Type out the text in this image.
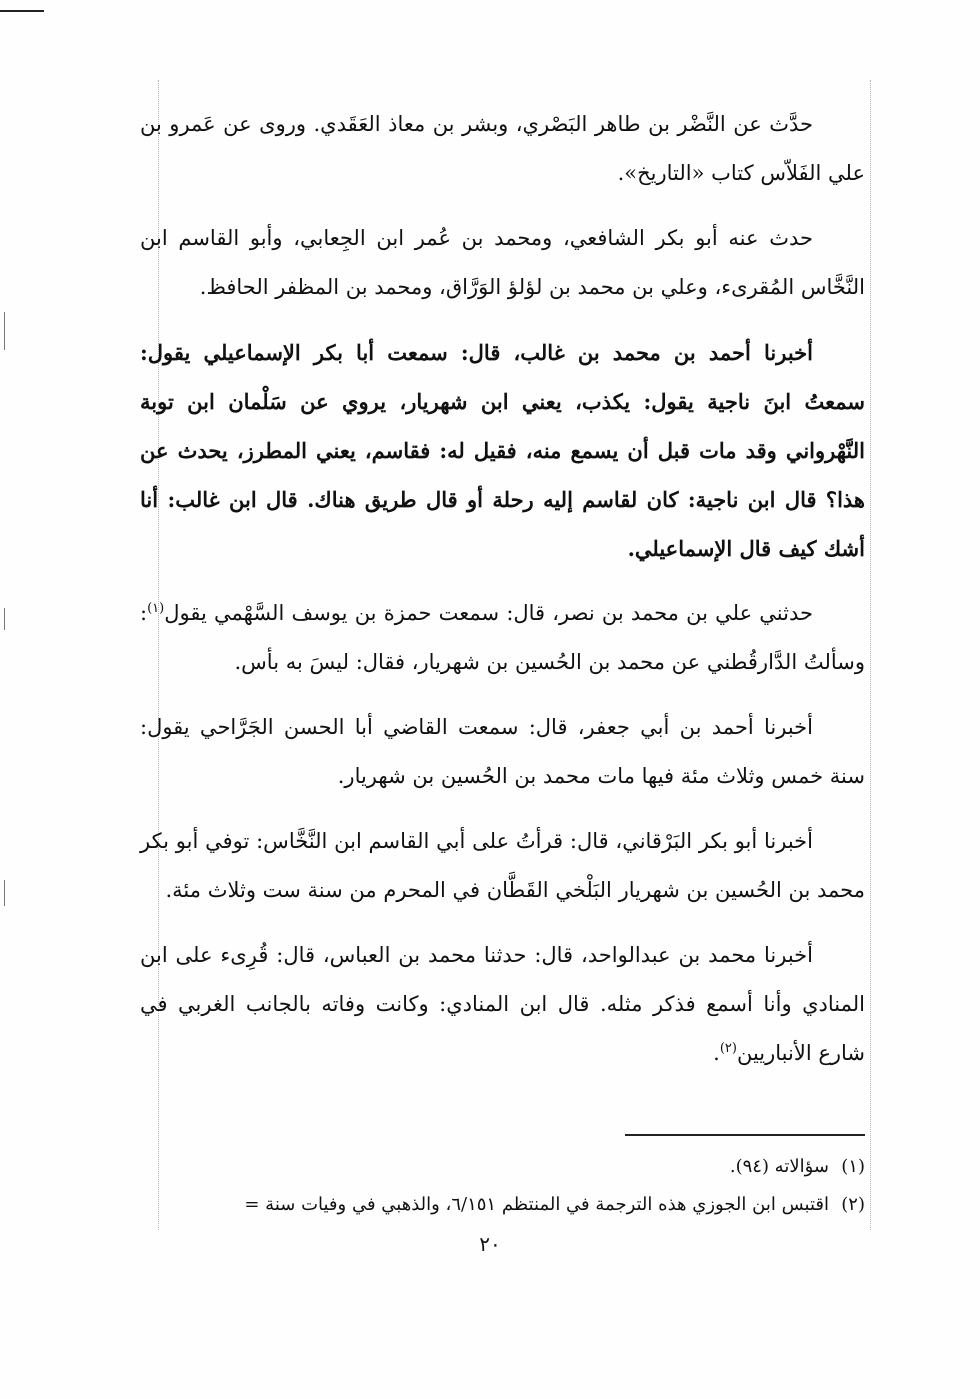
حدَّث عن النَّضْر بن طاهر البَصْري، وبشر بن معاذ العَقَدي. وروى عن عَمرو بن علي الفَلاّس كتاب «التاريخ».

حدث عنه أبو بكر الشافعي، ومحمد بن عُمر ابن الجِعابي، وأبو القاسم ابن النَّخَّاس المُقرىء، وعلي بن محمد بن لؤلؤ الوَرَّاق، ومحمد بن المظفر الحافظ.

أخبرنا أحمد بن محمد بن غالب، قال: سمعت أبا بكر الإسماعيلي يقول: سمعتُ ابنَ ناجية يقول: يكذب، يعني ابن شهريار، يروي عن سَلْمان ابن توبة النَّهْرواني وقد مات قبل أن يسمع منه، فقيل له: فقاسم، يعني المطرز، يحدث عن هذا؟ قال ابن ناجية: كان لقاسم إليه رحلة أو قال طريق هناك. قال ابن غالب: أنا أشك كيف قال الإسماعيلي.

حدثني علي بن محمد بن نصر، قال: سمعت حمزة بن يوسف السَّهْمي يقول$^{(١)}$: وسألتُ الدَّارقُطني عن محمد بن الحُسين بن شهريار، فقال: ليسَ به بأس.

أخبرنا أحمد بن أبي جعفر، قال: سمعت القاضي أبا الحسن الجَرَّاحي يقول: سنة خمس وثلاث مئة فيها مات محمد بن الحُسين بن شهريار.

أخبرنا أبو بكر البَرْقاني، قال: قرأتُ على أبي القاسم ابن النَّخَّاس: توفي أبو بكر محمد بن الحُسين بن شهريار البَلْخي القَطَّان في المحرم من سنة ست وثلاث مئة.

أخبرنا محمد بن عبدالواحد، قال: حدثنا محمد بن العباس، قال: قُرِىء على ابن المنادي وأنا أسمع فذكر مثله. قال ابن المنادي: وكانت وفاته بالجانب الغربي في شارع الأنباريين$^{(٢)}$.

(١)سؤالاته (٩٤).

(٢)اقتبس ابن الجوزي هذه الترجمة في المنتظم ٦/١٥١، والذهبي في وفيات سنة =

٢٠
